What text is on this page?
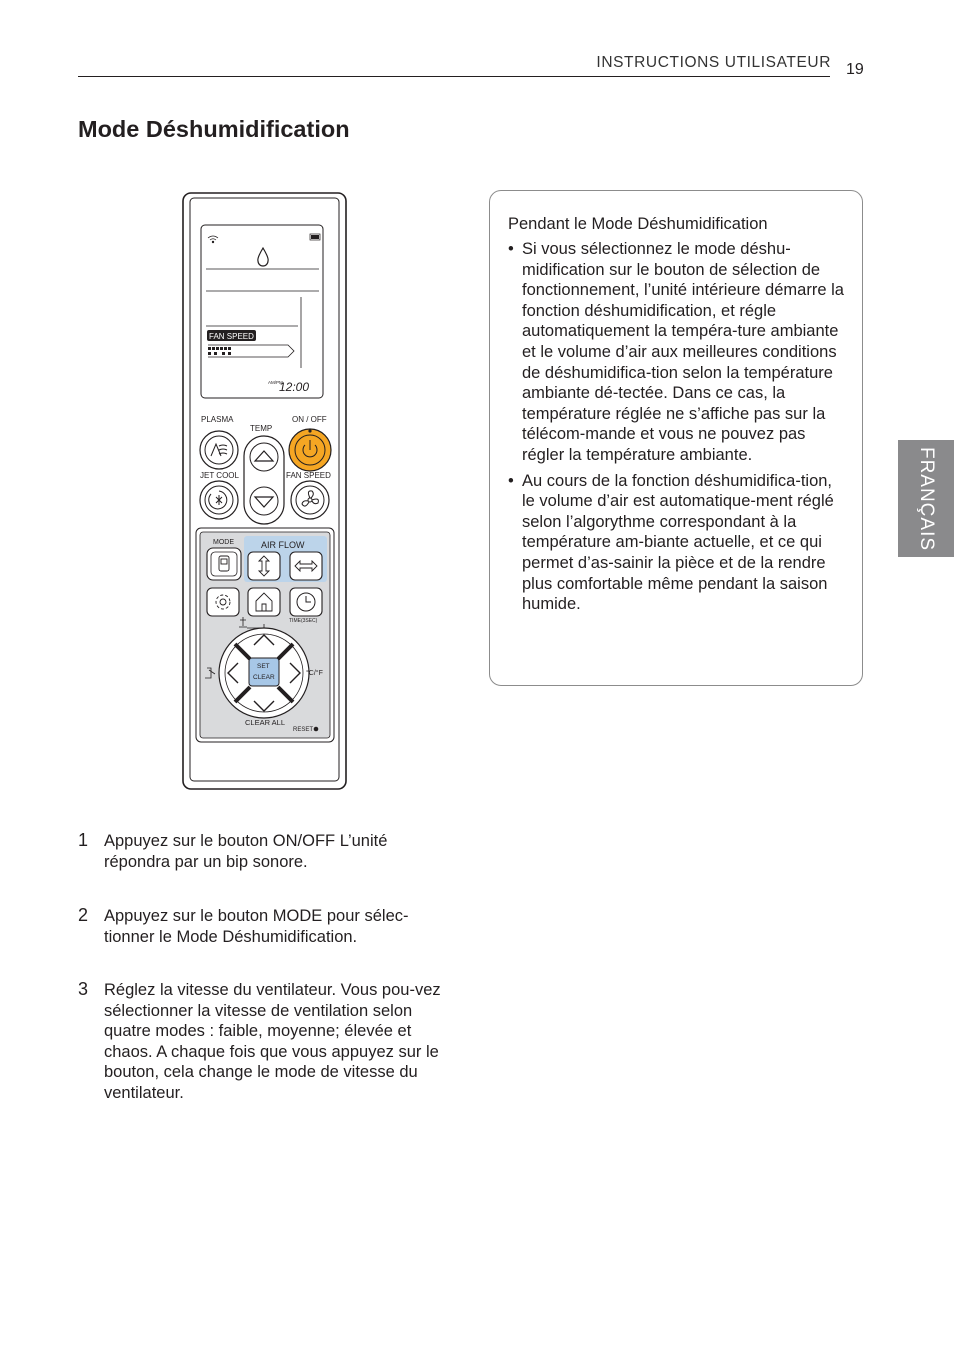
INSTRUCTIONS UTILISATEUR 19
Mode Déshumidification
FRANÇAIS
FAN SPEED
AM/PM
12:00
PLASMA
TEMP
ON / OFF
JET COOL	FAN SPEED
AIR FLOW
MODE
TIME(3SEC)
SET
CLEAR
°C/°F
CLEAR ALL
RESET

Pendant le Mode Déshumidification

• Si vous sélectionnez le mode déshu-midification sur le bouton de sélection de fonctionnement, l’unité intérieure démarre la fonction déshumidification, et régle automatiquement la tempéra-ture ambiante et le volume d’air aux meilleures conditions de déshumidifica-tion selon la température ambiante dé-tectée. Dans ce cas, la température réglée ne s’affiche pas sur la télécom-mande et vous ne pouvez pas régler la température ambiante.
• Au cours de la fonction déshumidifica-tion, le volume d’air est automatique-ment réglé selon l’algorythme correspondant à la température am-biante actuelle, et ce qui permet d’as-sainir la pièce et de la rendre plus comfortable même pendant la saison humide.
1 Appuyez sur le bouton ON/OFF L’unité répondra par un bip sonore.

2 Appuyez sur le bouton MODE pour sélec-tionner le Mode Déshumidification.

3 Réglez la vitesse du ventilateur. Vous pou-vez sélectionner la vitesse de ventilation selon quatre modes : faible, moyenne; élevée et chaos. A chaque fois que vous appuyez sur le bouton, cela change le mode de vitesse du ventilateur.
